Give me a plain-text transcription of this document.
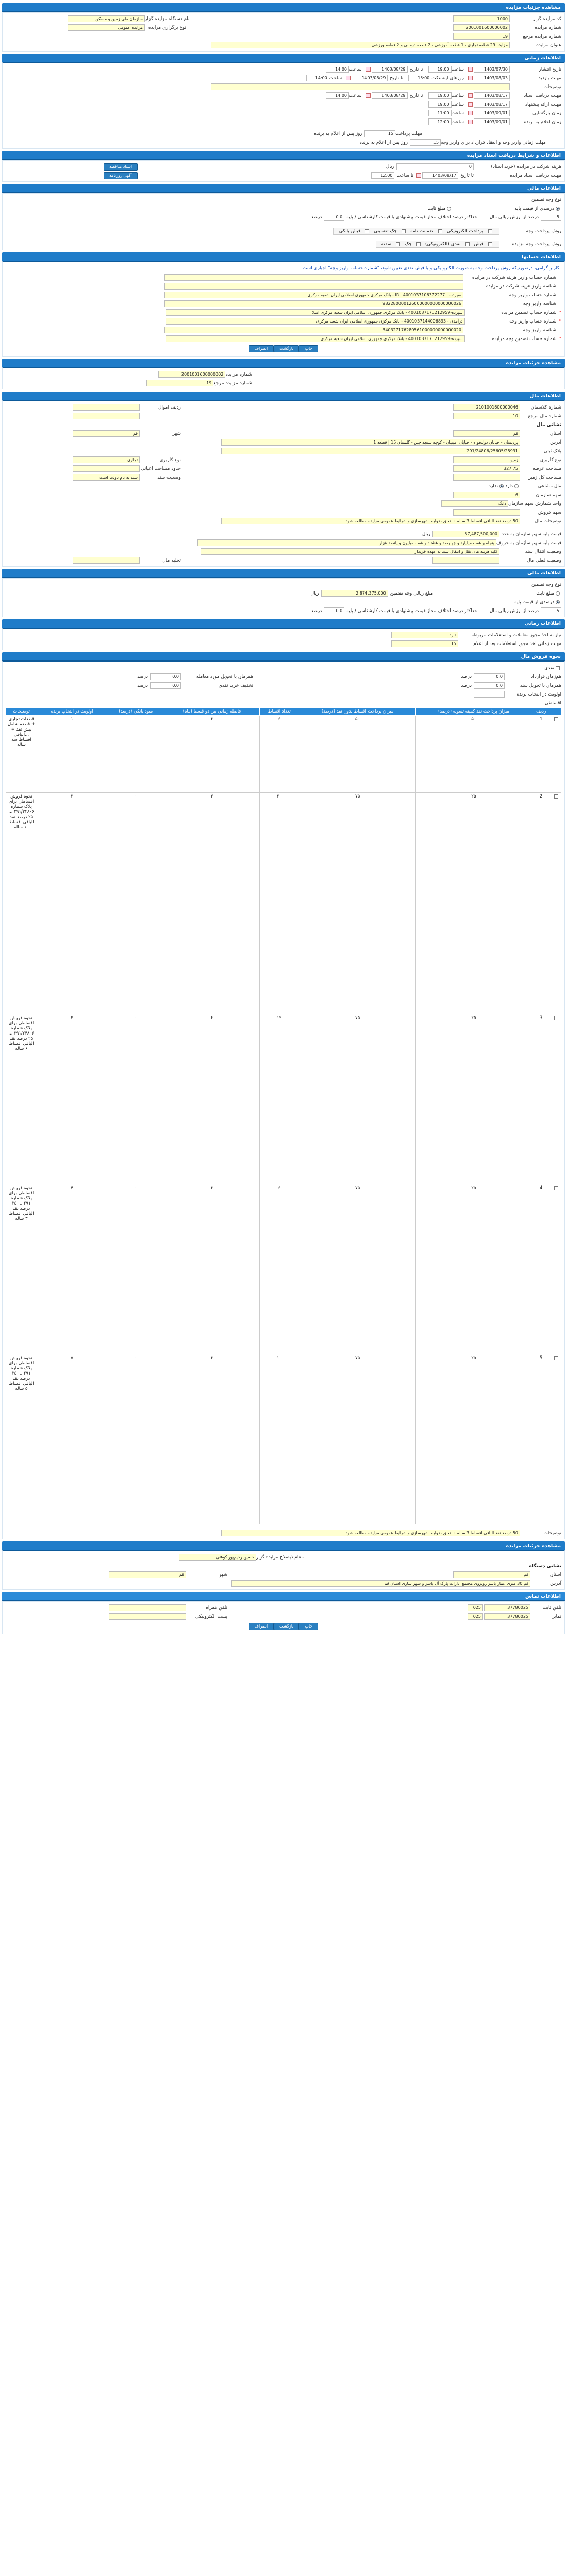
مشاهده جزئیات مزایده
کد مزایده گزار
1000
نام دستگاه مزایده گزار
سازمان ملی زمین و مسکن
شماره مزایده
2001001600000002
نوع برگزاری مزایده
مزایده عمومی
شماره مزایده مرجع
19
عنوان مزایده
مزایده 29 قطعه تجاری ، 1 قطعه آموزشی ، 2 قطعه درمانی و 2 قطعه ورزشی
اطلاعات زمانی
تاریخ انتشار
1403/07/30
ساعت
19:00
تا تاریخ
1403/08/29
ساعت
14:00
مهلت بازدید
1403/08/03
روزهای اینستکت
15:00
تا تاریخ
1403/08/29
ساعت
14:00
توضیحات
مهلت دریافت اسناد
1403/08/17
ساعت
19:00
تا تاریخ
1403/08/29
ساعت
14:00
مهلت ارائه پیشنهاد
1403/08/17
ساعت
19:00
زمان بازگشایی
1403/09/01
ساعت
11:00
زمان اعلام به برنده
1403/09/01
ساعت
12:00
مهلت پرداخت
15
روز پس از اعلام به برنده
مهلت زمانی واریز وجه و انعقاد قرارداد برای واریز وجه
15
روز پس از اعلام به برنده
اطلاعات و شرایط دریافت اسناد مزایده
هزینه شرکت در مزایده (خرید اسناد)
0
ریال
اسناد مناقصه
مهلت دریافت اسناد مزایده
تا تاریخ
1403/08/17
تا ساعت
12:00
آگهی روزنامه
اطلاعات مالی
نوع وجه تضمین
درصدی از قیمت پایه
مبلغ ثابت
5
درصد از ارزش ریالی مال
حداکثر درصد اختلاف مجاز قیمت پیشنهادی با قیمت کارشناسی / پایه
0.0
درصد
روش پرداخت وجه
پرداخت الکترونیکی
ضمانت نامه
چک تضمینی
فیش بانکی
روش پرداخت وجه مزایده
فیش
نقدی (الکترونیکی)
چک
سفته
اطلاعات حسابها
کاربر گرامی، درصورتیکه روش پرداخت وجه به صورت الکترونیکی و یا فیش نقدی تعیین شود، "شماره حساب واریز وجه" اجباری است.
شماره حساب واریز هزینه شرکت در مزایده
شناسه واریز هزینه شرکت در مزایده
شماره حساب واریز وجه
سپرده-...IR...4001037106372277 - بانک مرکزی جمهوری اسلامی ایران شعبه مرکزی
شناسه واریز وجه
982280000126000000000000000026
*
شماره حساب تضمین مزایده
سپرده-4001037171212959 - بانک مرکزی جمهوری اسلامی ایران شعبه مرکزی اسلا
*
شماره حساب واریز وجه
درآمدی - 4001037144006893 - بانک مرکزی جمهوری اسلامی ایران شعبه مرکزی
شناسه واریز وجه
340327176280561000000000000020
*
شماره حساب تضمین وجه مزایده
سپرده-4001037171212959 - بانک مرکزی جمهوری اسلامی ایران شعبه مرکزی
چاپبازگشتانصراف
مشاهده جزئیات مزایده
شماره مزایده
2001001600000002
شماره مزایده مرجع
19
اطلاعات مال
شماره کلاسمان
2101001600000046
ردیف اموال
شماره مال مرجع
10
نشانی مال
استان
قم
شهر
قم
آدرس
پردیسان - خیابان دولتخواه - خیابان امینیان - کوچه سنجد چین - گلستان 15 | قطعه 1
پلاک ثبتی
291/24806/25605/25991
نوع کاربری
زمین
نوع کاربری
تجاری
مساحت عرصه
327.75
حدود مساحت اعیانی
مساحت کل زمین
وضعیت سند
سند به نام دولت است
مال مشاعی
دارد
ندارد
سهم سازمان
6
واحد شمارش سهم سازمان
دانگ
سهم فروش
توضیحات مال
50 درصد نقد الباقی اقساط 3 ساله + تعلق ضوابط شهرسازی و شرایط عمومی مزایده مطالعه شود
قیمت پایه سهم سازمان به عدد
57,487,500,000
ریال
قیمت پایه سهم سازمان به حروف
پنجاه و هفت میلیارد و چهارصد و هشتاد و هفت میلیون و پانصد هزار
وضعیت انتقال سند
کلیه هزینه های نقل و انتقال سند به عهده خریدار
وضعیت فعلی مال
تخلیه مال
اطلاعات مالی
نوع وجه تضمین
مبلغ ثابت
مبلغ ریالی وجه تضمین
2,874,375,000
ریال
درصدی از قیمت پایه
5
درصد از ارزش ریالی مال
حداکثر درصد اختلاف مجاز قیمت پیشنهادی با قیمت کارشناسی / پایه
0.0
درصد
اطلاعات زمانی
نیاز به اخذ مجوز معاملات و استعلامات مربوطه
دارد
مهلت زمانی اخذ مجوز استعلامات بعد از اعلام
15
نحوه فروش مال
نقدی
هم‌زمان قرارداد
0.0
درصد
همزمان با تحویل مورد معامله
0.0
درصد
همزمان با تحویل سند
0.0
درصد
تخفیف خرید نقدی
0.0
درصد
اولویت در انتخاب برنده
اقساطی
	ردیف	میزان پرداخت نقد کمیته تسویه (درصد)	میزان پرداخت اقساط بدون نقد (درصد)	تعداد اقساط	فاصله زمانی بین دو قسط (ماه)	سود بانکی (درصد)	اولویت در انتخاب برنده	توضیحات
	1	۵۰	۵۰	۶	۶	۰	۱	قطعات تجاری + قطعه شامل بیش نقد + ...الباقی اقساط سه ساله
	2	۲۵	۷۵	۲۰	۳	۰	۲	نحوه فروش اقساطی برای پلاک شماره ۲۹۱/۲۴۸۰۶ ... ۲۵ درصد نقد الباقی اقساط ۱۰ ساله
	3	۲۵	۷۵	۱۲	۶	۰	۳	نحوه فروش اقساطی برای پلاک شماره ۲۹۱/۲۴۸۰۶ ... ۲۵ درصد نقد الباقی اقساط ۶ ساله
	4	۲۵	۷۵	۶	۶	۰	۴	نحوه فروش اقساطی برای پلاک شماره ۲۹۱ ... ۲۵ درصد نقد الباقی اقساط ۳ ساله
	5	۲۵	۷۵	۱۰	۶	۰	۵	نحوه فروش اقساطی برای پلاک شماره ۲۹۱ ... ۲۵ درصد نقد الباقی اقساط ۵ ساله
توضیحات
50 درصد نقد الباقی اقساط 3 ساله + تعلق ضوابط شهرسازی و شرایط عمومی مزایده مطالعه شود
مشاهده جزئیات مزایده
مقام ذیصلاح مزایده گزار
حسین رحیم‌پور کوهتی
نشانی دستگاه
استان
قم
شهر
قم
آدرس
قم 30 متری عمار یاسر روبروی مجتمع ادارات پارک آل یاسر و شهر سازی استان قم
اطلاعات تماس
تلفن ثابت
37780025
025
تلفن همراه
نمابر
37780025
025
پست الکترونیکی
چاپبازگشتانصراف
